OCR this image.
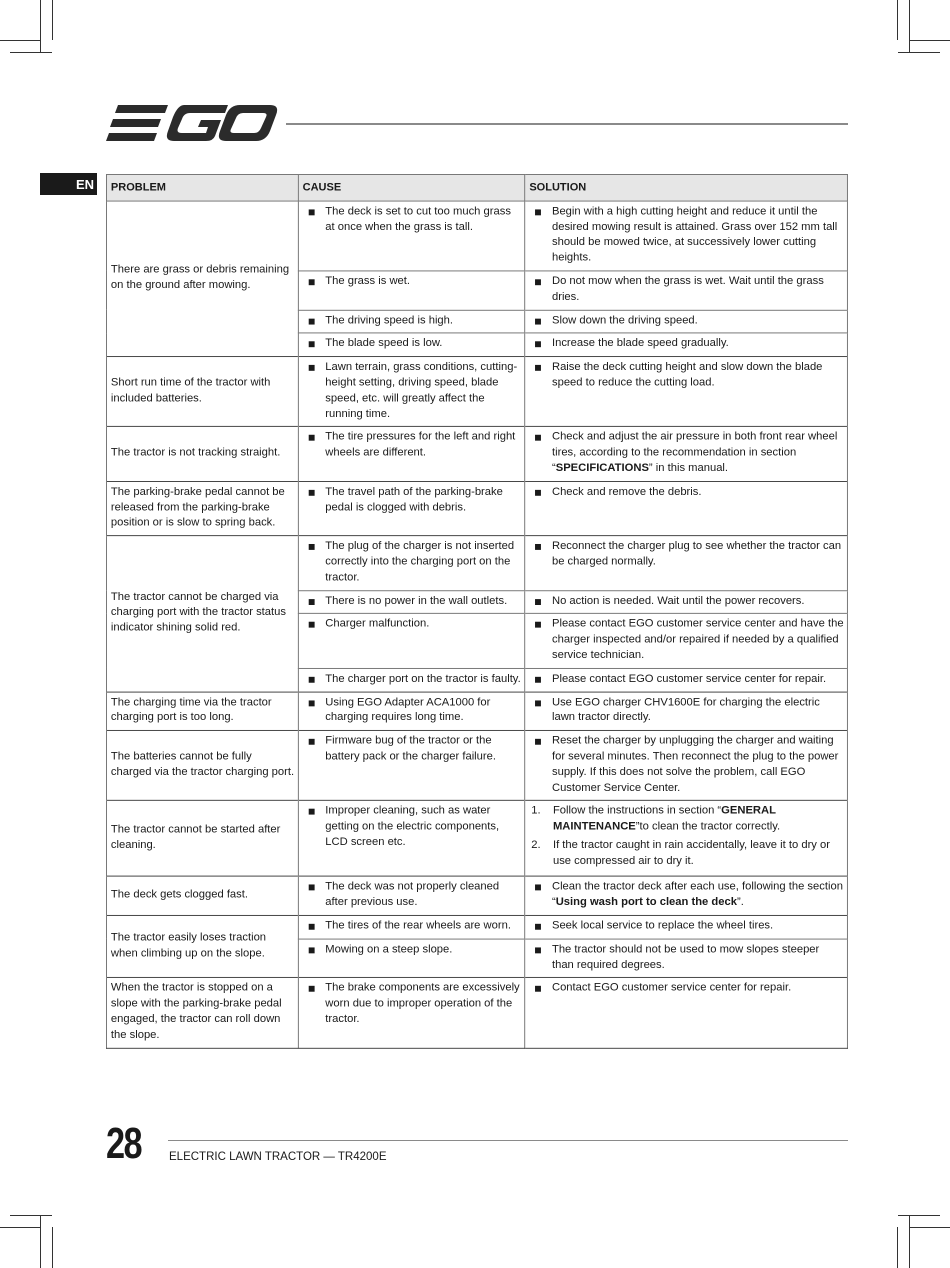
EN PROBLEM	CAUSE	SOLUTION
There are grass or debris remaining on the ground after mowing.	The deck is set to cut too much grass at once when the grass is tall.	Begin with a high cutting height and reduce it until the desired mowing result is attained. Grass over 152 mm tall should be mowed twice, at successively lower cutting heights.

	The grass is wet.	Do not mow when the grass is wet. Wait until the grass dries.

	The driving speed is high.	Slow down the driving speed.

	The blade speed is low.	Increase the blade speed gradually.

Short run time of the tractor with included batteries.	Lawn terrain, grass conditions, cutting-height setting, driving speed, blade speed, etc. will greatly affect the running time.	Raise the deck cutting height and slow down the blade speed to reduce the cutting load.

The tractor is not tracking straight.	The tire pressures for the left and right wheels are different.	Check and adjust the air pressure in both front rear wheel tires, according to the recommendation in section “SPECIFICATIONS” in this manual.

The parking-brake pedal cannot be released from the parking-brake position or is slow to spring back.	The travel path of the parking-brake pedal is clogged with debris.	Check and remove the debris.

The tractor cannot be charged via charging port with the tractor status indicator shining solid red.	The plug of the charger is not inserted correctly into the charging port on the tractor.	Reconnect the charger plug to see whether the tractor can be charged normally.

	There is no power in the wall outlets.	No action is needed. Wait until the power recovers.

	Charger malfunction.	Please contact EGO customer service center and have the charger inspected and/or repaired if needed by a qualified service technician.

	The charger port on the tractor is faulty.	Please contact EGO customer service center for repair.

The charging time via the tractor charging port is too long.	Using EGO Adapter ACA1000 for charging requires long time.	Use EGO charger CHV1600E for charging the electric lawn tractor directly.

The batteries cannot be fully charged via the tractor charging port.	Firmware bug of the tractor or the battery pack or the charger failure.	Reset the charger by unplugging the charger and waiting for several minutes. Then reconnect the plug to the power supply. If this does not solve the problem, call EGO Customer Service Center.

The tractor cannot be started after cleaning.	Improper cleaning, such as water getting on the electric components, LCD screen etc.	1. Follow the instructions in section “GENERAL MAINTENANCE”to clean the tractor correctly.
2. If the tractor caught in rain accidentally, leave it to dry or use compressed air to dry it.

The deck gets clogged fast.	The deck was not properly cleaned after previous use.	Clean the tractor deck after each use, following the section “Using wash port to clean the deck”.

The tractor easily loses traction when climbing up on the slope.	The tires of the rear wheels are worn.	Seek local service to replace the wheel tires.

	Mowing on a steep slope.	The tractor should not be used to mow slopes steeper than required degrees.

When the tractor is stopped on a slope with the parking-brake pedal engaged, the tractor can roll down the slope.	The brake components are excessively worn due to improper operation of the tractor.	Contact EGO customer service center for repair.
28 ELECTRIC LAWN TRACTOR — TR4200E
